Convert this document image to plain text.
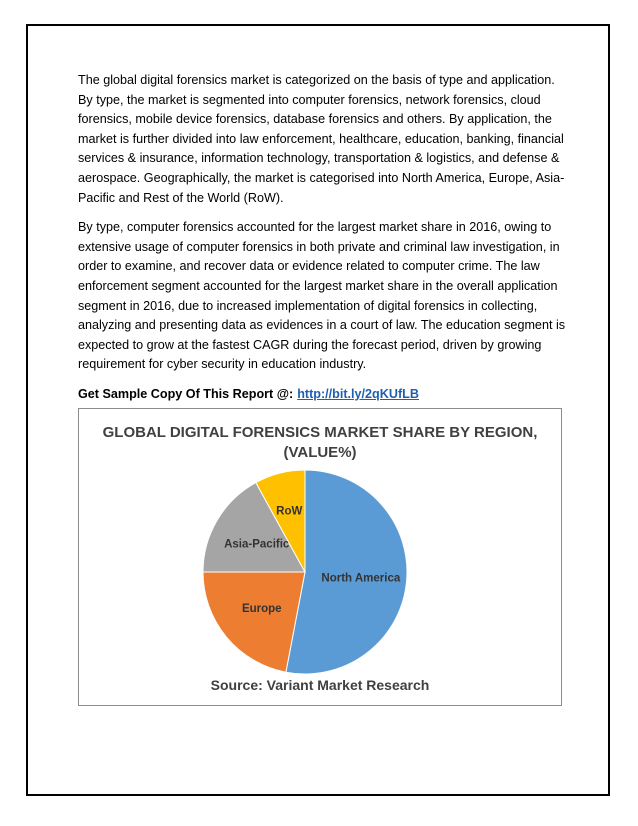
The global digital forensics market is categorized on the basis of type and application. By type, the market is segmented into computer forensics, network forensics, cloud forensics, mobile device forensics, database forensics and others. By application, the market is further divided into law enforcement, healthcare, education, banking, financial services & insurance, information technology, transportation & logistics, and defense & aerospace. Geographically, the market is categorised into North America, Europe, Asia-Pacific and Rest of the World (RoW).

By type, computer forensics accounted for the largest market share in 2016, owing to extensive usage of computer forensics in both private and criminal law investigation, in order to examine, and recover data or evidence related to computer crime. The law enforcement segment accounted for the largest market share in the overall application segment in 2016, due to increased implementation of digital forensics in collecting, analyzing and presenting data as evidences in a court of law. The education segment is expected to grow at the fastest CAGR during the forecast period, driven by growing requirement for cyber security in education industry.

Get Sample Copy Of This Report @: http://bit.ly/2qKUfLB

GLOBAL DIGITAL FORENSICS MARKET SHARE BY REGION,
(VALUE%)
North America
Europe
Asia-Pacific
RoW
Source: Variant Market Research
